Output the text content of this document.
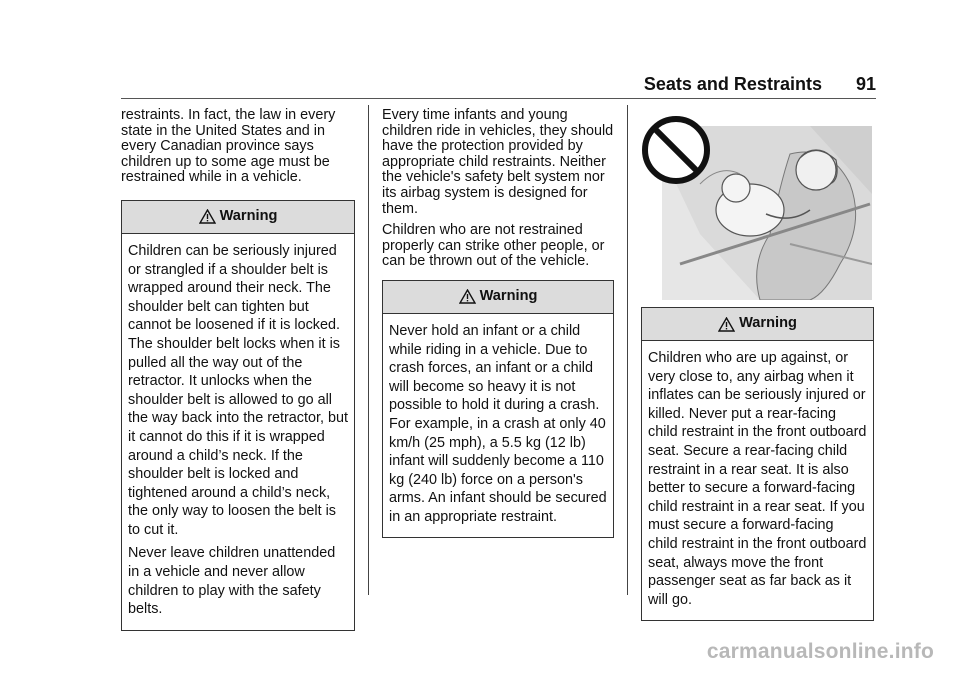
Seats and Restraints 91

restraints. In fact, the law in every state in the United States and in every Canadian province says children up to some age must be restrained while in a vehicle.

Warning

Children can be seriously injured or strangled if a shoulder belt is wrapped around their neck. The shoulder belt can tighten but cannot be loosened if it is locked. The shoulder belt locks when it is pulled all the way out of the retractor. It unlocks when the shoulder belt is allowed to go all the way back into the retractor, but it cannot do this if it is wrapped around a child’s neck. If the shoulder belt is locked and tightened around a child’s neck, the only way to loosen the belt is to cut it.

Never leave children unattended in a vehicle and never allow children to play with the safety belts.

Every time infants and young children ride in vehicles, they should have the protection provided by appropriate child restraints. Neither the vehicle's safety belt system nor its airbag system is designed for them.

Children who are not restrained properly can strike other people, or can be thrown out of the vehicle.

Warning

Never hold an infant or a child while riding in a vehicle. Due to crash forces, an infant or a child will become so heavy it is not possible to hold it during a crash. For example, in a crash at only 40 km/h (25 mph), a 5.5 kg (12 lb) infant will suddenly become a 110 kg (240 lb) force on a person's arms. An infant should be secured in an appropriate restraint.

Warning

Children who are up against, or very close to, any airbag when it inflates can be seriously injured or killed. Never put a rear-facing child restraint in the front outboard seat. Secure a rear-facing child restraint in a rear seat. It is also better to secure a forward-facing child restraint in a rear seat. If you must secure a forward-facing child restraint in the front outboard seat, always move the front passenger seat as far back as it will go.

carmanualsonline.info
